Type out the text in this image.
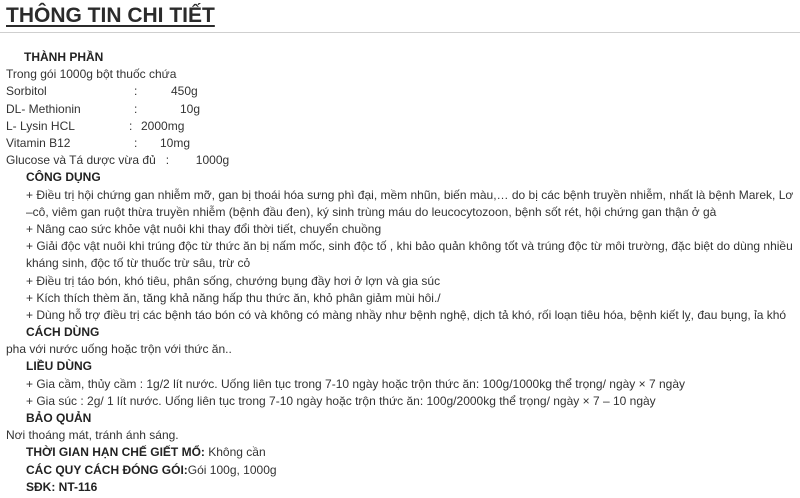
THÔNG TIN CHI TIẾT
THÀNH PHẦN
Trong gói 1000g bột thuốc chứa
Sorbitol	:	450g
DL- Methionin	:	10g
L- Lysin HCL	: 2000mg
Vitamin B12	:	10mg
Glucose và Tá dược vừa đủ   :        1000g
CÔNG DỤNG
+ Điều trị hội chứng gan nhiễm mỡ, gan bị thoái hóa sưng phì đại, mềm nhũn, biến màu,… do bị các bệnh truyền nhiễm, nhất là bệnh Marek, Lơ –cô, viêm gan ruột thừa truyền nhiễm (bệnh đầu đen), ký sinh trùng máu do leucocytozoon, bệnh sốt rét, hội chứng gan thận ở gà
+ Nâng cao sức khỏe vật nuôi khi thay đổi thời tiết, chuyển chuồng
+ Giải độc vật nuôi khi trúng độc từ thức ăn bị nấm mốc, sinh độc tố , khi bảo quản không tốt và trúng độc từ môi trường, đặc biệt do dùng nhiều kháng sinh, độc tố từ thuốc trừ sâu, trừ cỏ
+ Điều trị táo bón, khó tiêu, phân sống, chướng bụng đầy hơi ở lợn và gia súc
+ Kích thích thèm ăn, tăng khả năng hấp thu thức ăn, khỏ phân giảm mùi hôi./
+ Dùng hỗ trợ điều trị các bệnh táo bón có và không có màng nhầy như bệnh nghệ, dịch tả khó, rối loạn tiêu hóa, bệnh kiết lỵ, đau bụng, ỉa khó
CÁCH DÙNG
pha với nước uống hoặc trộn với thức ăn..
LIỀU DÙNG
+ Gia cầm, thủy cầm : 1g/2 lít nước. Uống liên tục trong 7-10 ngày hoặc trộn thức ăn: 100g/1000kg thể trọng/ ngày × 7 ngày
+ Gia súc : 2g/ 1 lít nước. Uống liên tục trong 7-10 ngày hoặc trộn thức ăn: 100g/2000kg thể trọng/ ngày × 7 – 10 ngày
BẢO QUẢN
Nơi thoáng mát, tránh ánh sáng.
THỜI GIAN HẠN CHẾ GIẾT MỔ: Không cần
CÁC QUY CÁCH ĐÓNG GÓI:Gói 100g, 1000g
SĐK: NT-116
